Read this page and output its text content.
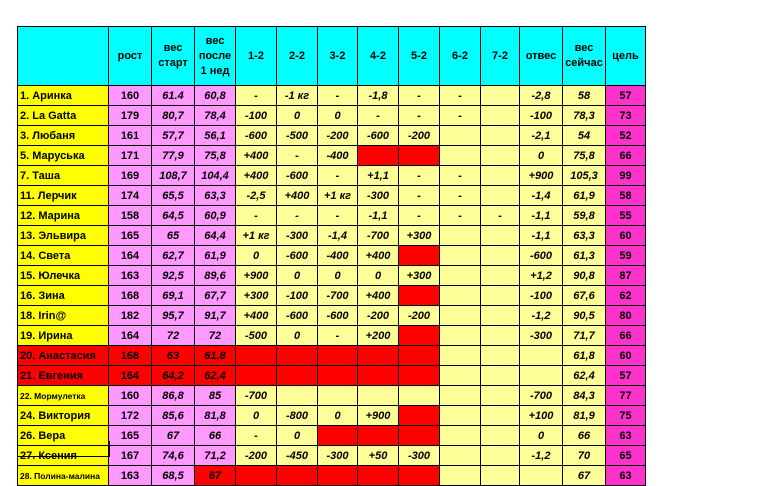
	рост	вес старт	вес после 1 нед	1-2	2-2	3-2	4-2	5-2	6-2	7-2	отвес	вес сейчас	цель
1. Аринка	160	61.4	60,8	-	-1 кг	-	-1,8	-	-		-2,8	58	57
2. La Gatta	179	80,7	78,4	-100	0	0	-	-	-		-100	78,3	73
3. Любаня	161	57,7	56,1	-600	-500	-200	-600	-200			-2,1	54	52
5. Маруська	171	77,9	75,8	+400	-	-400					0	75,8	66
7. Таша	169	108,7	104,4	+400	-600	-	+1,1	-	-		+900	105,3	99
11. Лерчик	174	65,5	63,3	-2,5	+400	+1 кг	-300	-	-		-1,4	61,9	58
12. Марина	158	64,5	60,9	-	-	-	-1,1	-	-	-	-1,1	59,8	55
13. Эльвира	165	65	64,4	+1 кг	-300	-1,4	-700	+300			-1,1	63,3	60
14. Света	164	62,7	61,9	0	-600	-400	+400				-600	61,3	59
15. Юлечка	163	92,5	89,6	+900	0	0	0	+300			+1,2	90,8	87
16. Зина	168	69,1	67,7	+300	-100	-700	+400				-100	67,6	62
18. Irin@	182	95,7	91,7	+400	-600	-600	-200	-200			-1,2	90,5	80
19. Ирина	164	72	72	-500	0	-	+200				-300	71,7	66
20. Анастасия	168	63	61,8									61,8	60
21. Евгения	164	64,2	62,4									62,4	57
22. Мормулетка	160	86,8	85	-700							-700	84,3	77
24. Виктория	172	85,6	81,8	0	-800	0	+900				+100	81,9	75
26. Вера	165	67	66	-	0						0	66	63
27. Ксения	167	74,6	71,2	-200	-450	-300	+50	-300			-1,2	70	65
28. Полина-малина	163	68,5	67									67	63
